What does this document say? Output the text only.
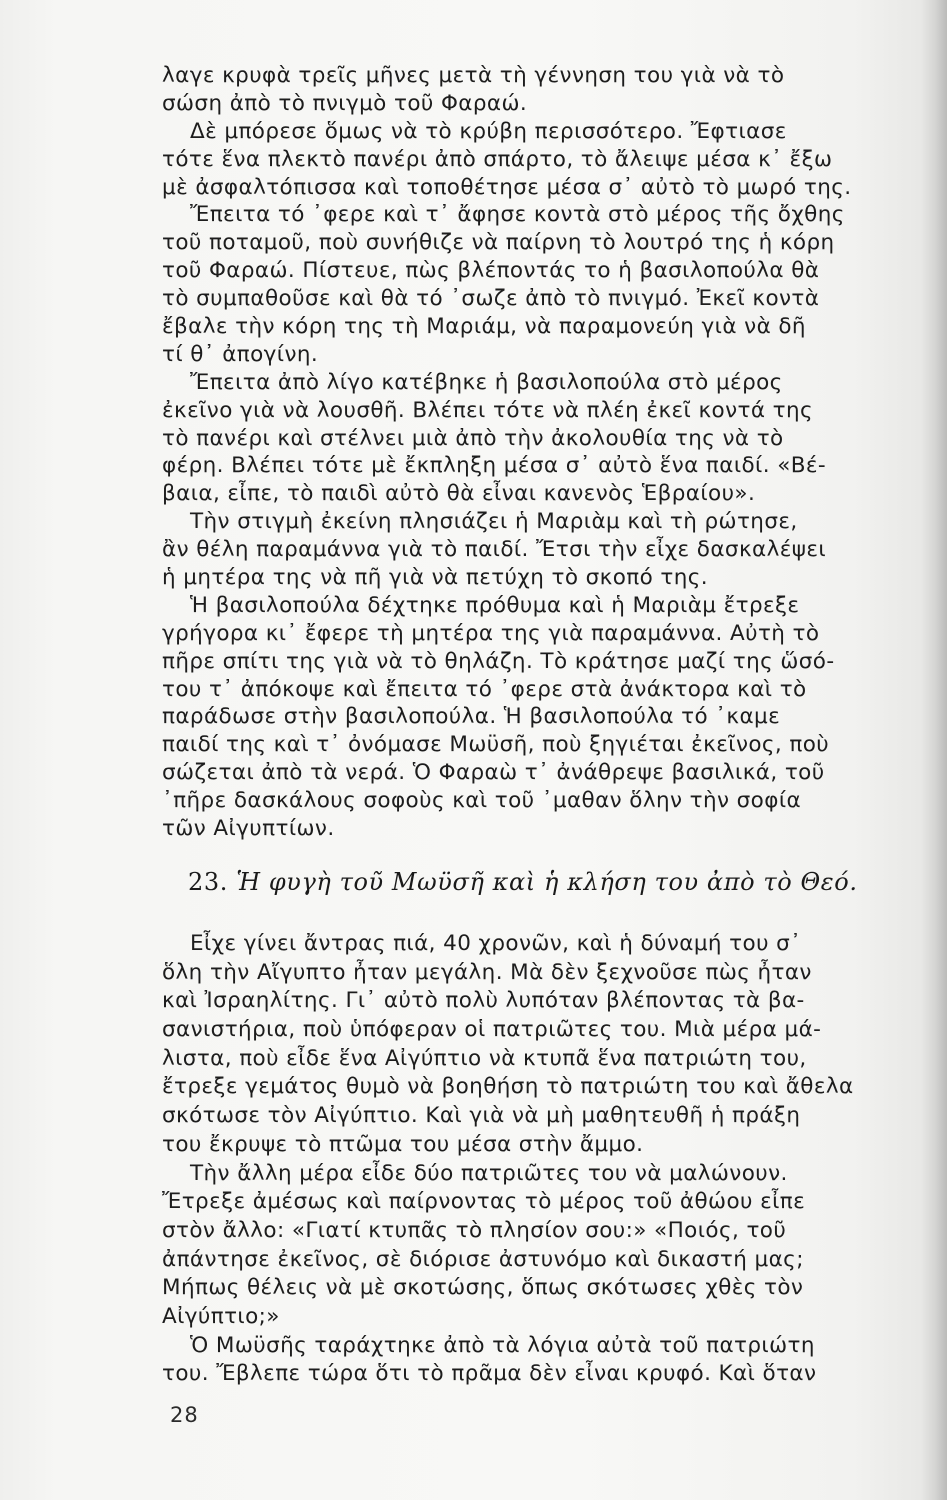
λαγε κρυφὰ τρεῖς μῆνες μετὰ τὴ γέννηση του γιὰ νὰ τὸ
σώση ἀπὸ τὸ πνιγμὸ τοῦ Φαραώ.
Δὲ μπόρεσε ὅμως νὰ τὸ κρύβη περισσότερο. Ἔφτιασε
τότε ἕνα πλεκτὸ πανέρι ἀπὸ σπάρτο, τὸ ἄλειψε μέσα κ᾽ ἔξω
μὲ ἀσφαλτόπισσα καὶ τοποθέτησε μέσα σ᾽ αὐτὸ τὸ μωρό της.
Ἔπειτα τό ᾽φερε καὶ τ᾽ ἄφησε κοντὰ στὸ μέρος τῆς ὄχθης
τοῦ ποταμοῦ, ποὺ συνήθιζε νὰ παίρνη τὸ λουτρό της ἡ κόρη
τοῦ Φαραώ. Πίστευε, πὼς βλέποντάς το ἡ βασιλοπούλα θὰ
τὸ συμπαθοῦσε καὶ θὰ τό ᾽σωζε ἀπὸ τὸ πνιγμό. Ἐκεῖ κοντὰ
ἔβαλε τὴν κόρη της τὴ Μαριάμ, νὰ παραμονεύη γιὰ νὰ δῆ
τί θ᾽ ἀπογίνη.
Ἔπειτα ἀπὸ λίγο κατέβηκε ἡ βασιλοπούλα στὸ μέρος
ἐκεῖνο γιὰ νὰ λουσθῆ. Βλέπει τότε νὰ πλέη ἐκεῖ κοντά της
τὸ πανέρι καὶ στέλνει μιὰ ἀπὸ τὴν ἀκολουθία της νὰ τὸ
φέρη. Βλέπει τότε μὲ ἔκπληξη μέσα σ᾽ αὐτὸ ἕνα παιδί. «Βέ-
βαια, εἶπε, τὸ παιδὶ αὐτὸ θὰ εἶναι κανενὸς Ἑβραίου».
Τὴν στιγμὴ ἐκείνη πλησιάζει ἡ Μαριὰμ καὶ τὴ ρώτησε,
ἂν θέλη παραμάννα γιὰ τὸ παιδί. Ἔτσι τὴν εἶχε δασκαλέψει
ἡ μητέρα της νὰ πῆ γιὰ νὰ πετύχη τὸ σκοπό της.
Ἡ βασιλοπούλα δέχτηκε πρόθυμα καὶ ἡ Μαριὰμ ἔτρεξε
γρήγορα κι᾽ ἔφερε τὴ μητέρα της γιὰ παραμάννα. Αὐτὴ τὸ
πῆρε σπίτι της γιὰ νὰ τὸ θηλάζη. Τὸ κράτησε μαζί της ὥσό-
του τ᾽ ἀπόκοψε καὶ ἔπειτα τό ᾽φερε στὰ ἀνάκτορα καὶ τὸ
παράδωσε στὴν βασιλοπούλα. Ἡ βασιλοπούλα τό ᾽καμε
παιδί της καὶ τ᾽ ὀνόμασε Μωϋσῆ, ποὺ ξηγιέται ἐκεῖνος, ποὺ
σώζεται ἀπὸ τὰ νερά. Ὁ Φαραὼ τ᾽ ἀνάθρεψε βασιλικά, τοῦ
᾽πῆρε δασκάλους σοφοὺς καὶ τοῦ ᾽μαθαν ὅλην τὴν σοφία
τῶν Αἰγυπτίων.
23. Ἡ φυγὴ τοῦ Μωϋσῆ καὶ ἡ κλήση του ἀπὸ τὸ Θεό.
Εἶχε γίνει ἄντρας πιά, 40 χρονῶν, καὶ ἡ δύναμή του σ᾽
ὅλη τὴν Αἴγυπτο ἦταν μεγάλη. Μὰ δὲν ξεχνοῦσε πὼς ἦταν
καὶ Ἰσραηλίτης. Γι᾽ αὐτὸ πολὺ λυπόταν βλέποντας τὰ βα-
σανιστήρια, ποὺ ὑπόφεραν οἱ πατριῶτες του. Μιὰ μέρα μά-
λιστα, ποὺ εἶδε ἕνα Αἰγύπτιο νὰ κτυπᾶ ἕνα πατριώτη του,
ἔτρεξε γεμάτος θυμὸ νὰ βοηθήση τὸ πατριώτη του καὶ ἄθελα
σκότωσε τὸν Αἰγύπτιο. Καὶ γιὰ νὰ μὴ μαθητευθῆ ἡ πράξη
του ἔκρυψε τὸ πτῶμα του μέσα στὴν ἄμμο.
Τὴν ἄλλη μέρα εἶδε δύο πατριῶτες του νὰ μαλώνουν.
Ἔτρεξε ἀμέσως καὶ παίρνοντας τὸ μέρος τοῦ ἀθώου εἶπε
στὸν ἄλλο: «Γιατί κτυπᾶς τὸ πλησίον σου:» «Ποιός, τοῦ
ἀπάντησε ἐκεῖνος, σὲ διόρισε ἀστυνόμο καὶ δικαστή μας;
Μήπως θέλεις νὰ μὲ σκοτώσης, ὅπως σκότωσες χθὲς τὸν
Αἰγύπτιο;»
Ὁ Μωϋσῆς ταράχτηκε ἀπὸ τὰ λόγια αὐτὰ τοῦ πατριώτη
του. Ἔβλεπε τώρα ὅτι τὸ πρᾶμα δὲν εἶναι κρυφό. Καὶ ὅταν
28
